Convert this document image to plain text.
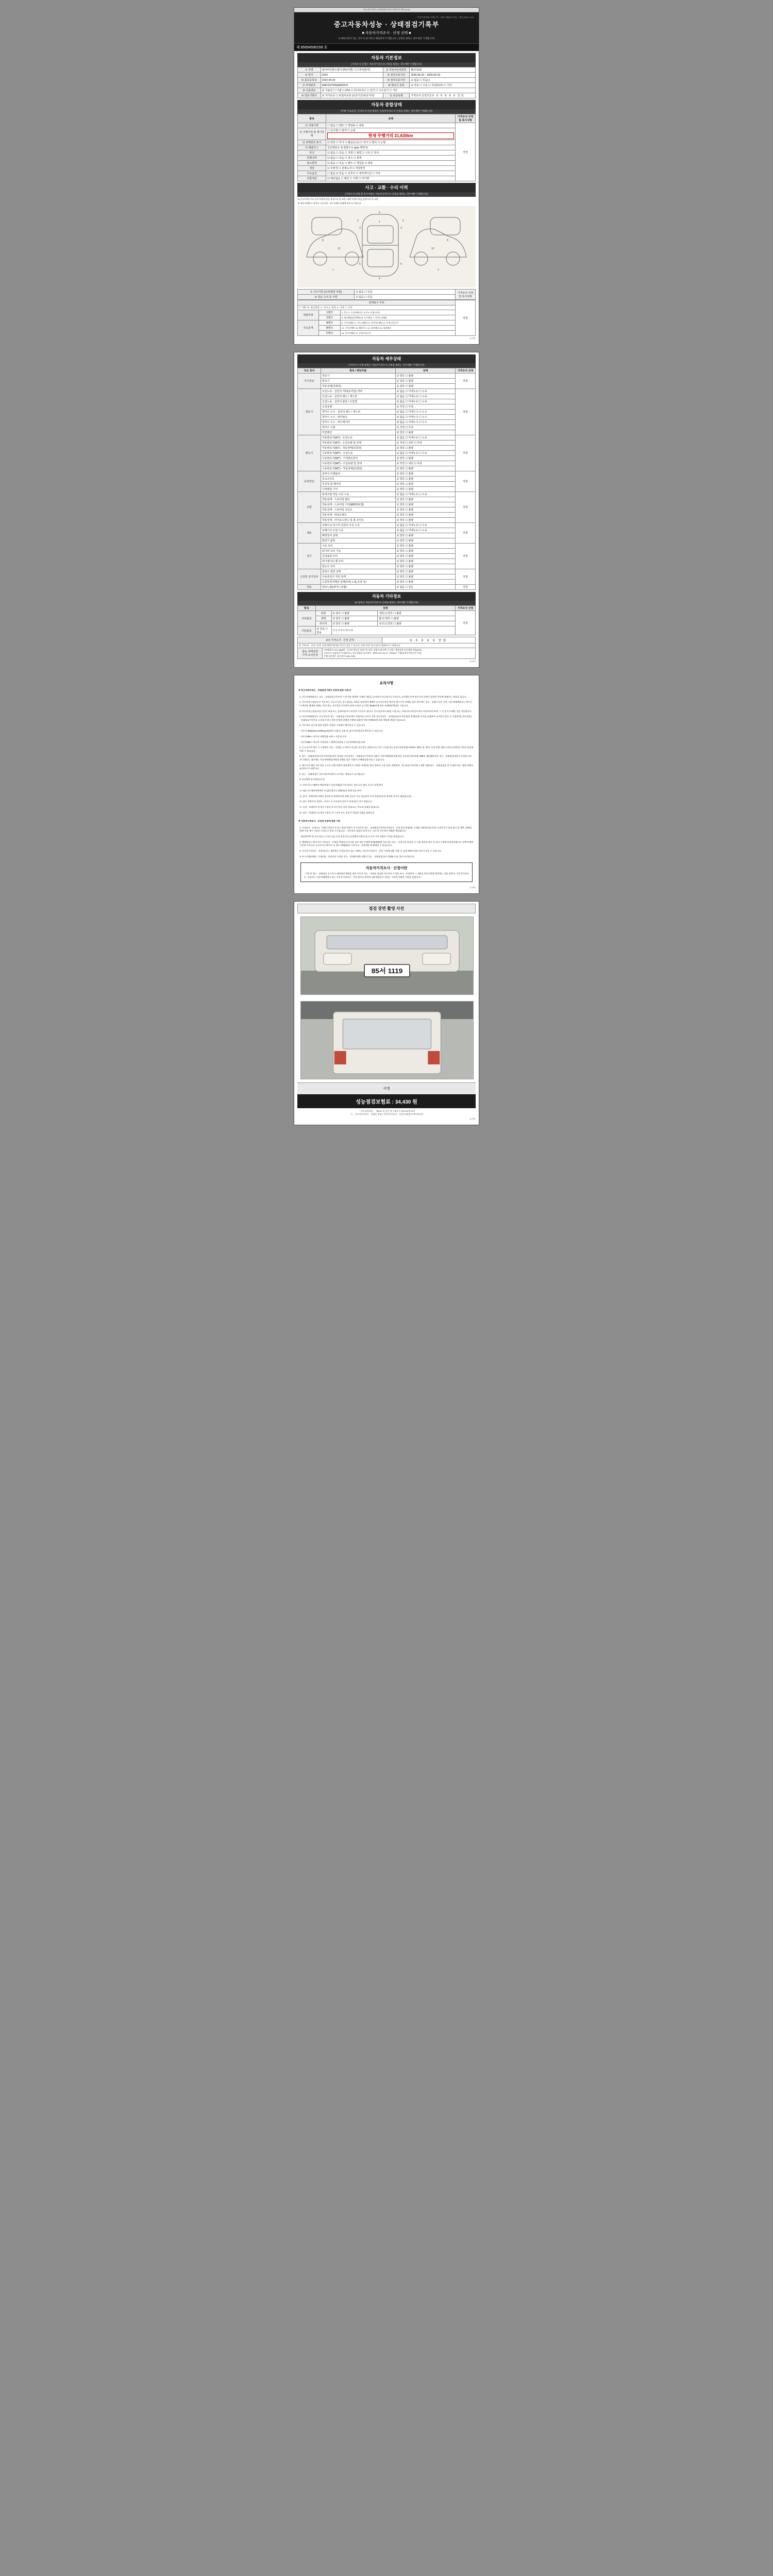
중고자동차성능·상태점검기록부 발급번호 확인 (1/3)
「자동차관리법 시행규칙」 [별지 제82호서식] 〈개정 2021.1.18.〉
중고자동차성능 · 상태점검기록부
■ 자동차가격조사 · 산정 선택 ■
※ 해당사항이 있는 경우 ☑ 표시하고 해당란에 기재합니다. (산정을 원하는 경우에만 기재합니다)
제 85004590159 호
자동차 기본정보
(가격조사·산정은 자동차가격조사·산정을 원하는 경우에만 기재합니다)
① 차명	올라비다봉도밤아 (PU더맨) 시그네치(알루)	② 자동차등록번호	85서1119
③ 연식	2010	④ 검사유효기간	2025-04-20 ~ 2026-04-19
⑤ 최초등록일	2010-04-20	⑥ 검사유효기간	☑ 없음 ☐ 있음( )
⑦ 차대번호	KMF2327KNUER2676	⑧ 변속기 종류	☑ 자동 ☐ 수동 ☐ 무단(CVT) ☐ 기타
⑨ 사용연료	☑ 가솔린 ☐ 디젤 ☐ LPG ☐ 하이브리드 ☐ 전기 ☐ 수소전기 ☐ 기타		
⑩ 원동기형식	☑ 자가보증 ☐ 보험사보증 (보증기간/보증거리)	⑪ 보증유형	가격조사·산정기준 0 0 0 0 0 0 만원
자동차 종합상태
(주행, 주요골격, 가격조사·산정 항목은 자동차가격조사·산정을 원하는 경우에만 기재합니다)
항목	상태	가격조사·산정 및 특기사항
⑫ 사용이력	☐ 없음 ☐ 렌트 ☐ 영업용 ☐ 관용	적정
⑬ 주행거리 및 계기상태	☐ 실주행 ☐ 변경 ☐ 교체
현재 주행거리 21,630km	

⑭ 차대번호 표기	☑ 양호 ☐ 부식 ☐ 훼손(오손) ☐ 상이 ☐ 변조 ☐ 도말	
⑮ 배출가스	일산화탄소 % 탄화수소 ppm 매연 %	
튜닝	☑ 없음 ☐ 있음 ☐ 적법 ☐ 불법 ☐ 구조 ☐ 장치	
특별이력	☑ 없음 ☐ 있음 ☐ 침수 ☐ 화재	
용도변경	☑ 없음 ☐ 있음 ☐ 렌트 ☐ 영업용 ☐ 관용	
색상	☑ 무변경 ☐ 전체도색 ☐ 색상변경	
주요옵션	☐ 없음 ☑ 있음 ☐ 선루프 ☐ 내비게이션 ☐ 기타	
리콜대상	☑ 해당없음 ☐ 해당 ☐ 이행 ☐ 미이행	
사고 · 교환 · 수리 이력
(가격조사·산정 및 특기사항은 자동차가격조사·산정을 원하는 경우에만 기재합니다)
※ (사고이력) 주요 골격 부위의 판금·용접수리 및 교환 / 외판 부위의 판금·용접수리 및 교환
※ 하단 상태표시 항목의 기준부위, 기타 부위의 상태에 따라 표기합니다
6
3	3
4
5	5
1
2	2
7	7
8	8
12	12
① 사고이력 (교차/광판 포함)	☑ 없음 ☐ 있음	가격조사·산정 및 특기사항
② 단순 수리 등 이력	☑ 없음 ☐ 있음	
상태표시 부호			적정
X : 교환, W : 판금/용접, C : 부식, A : 흠집, U : 요철, T : 손상			
외판부위	1랭크	1. 후드 2. 프론트펜더 3. 도어 4. 트렁크리드	
	2랭크	5. 쿼터패널(리어펜더) 6. 루프패널 7. 사이드실패널	
주요골격	A랭크	8. 프론트패널 9. 크로스멤버 10. 인사이드패널 11. 트렁크플로어	
	B랭크	12. 사이드멤버 13. 휠하우스 14. 필러패널 15. 대쉬패널	
	C랭크	16. 플로어패널 17. 트렁크플로어	
(1/4면)
자동차 세부상태
(가격조사·산정 항목은 자동차가격조사·산정을 원하는 경우에만 기재합니다)
주요 장치	항목 / 해당부품	상태	가격조사·산정
자기진단	원동기	☑ 양호 ☐ 불량	적정
	변속기	☑ 양호 ☐ 불량	
	작동상태(공회전)	☑ 양호 ☐ 불량	
원동기	오일누유 - 실린더 커버(로커암) 커버	☑ 없음 ☐ 미세누유 ☐ 누유	적정
	오일누유 - 실린더 헤드 / 개스킷	☑ 없음 ☐ 미세누유 ☐ 누유	
	오일누유 - 실린더 블록 / 오일팬	☑ 없음 ☐ 미세누유 ☐ 누유	
	오일유량	☑ 적정 ☐ 부족	
	냉각수 누수 - 실린더 헤드 / 개스킷	☑ 없음 ☐ 미세누수 ☐ 누수	
	냉각수 누수 - 워터펌프	☑ 없음 ☐ 미세누수 ☐ 누수	
	냉각수 누수 - 라디에이터	☑ 없음 ☐ 미세누수 ☐ 누수	
	냉각수 수량	☑ 적정 ☐ 부족	
	커먼레일	☑ 양호 ☐ 불량	
변속기	자동변속기(A/T) - 오일누유	☑ 없음 ☐ 미세누유 ☐ 누유	적정
	자동변속기(A/T) - 오일유량 및 상태	☑ 적정 ☐ 과다 ☐ 부족	
	자동변속기(A/T) - 작동상태(공회전)	☑ 양호 ☐ 불량	
	수동변속기(M/T) - 오일누유	☑ 없음 ☐ 미세누유 ☐ 누유	
	수동변속기(M/T) - 기어변속장치	☑ 양호 ☐ 불량	
	수동변속기(M/T) - 오일유량 및 상태	☑ 적정 ☐ 과다 ☐ 부족	
	수동변속기(M/T) - 작동상태(공회전)	☑ 양호 ☐ 불량	
동력전달	클러치 어셈블리	☑ 양호 ☐ 불량	적정
	등속조인트	☑ 양호 ☐ 불량	
	추진축 및 베어링	☑ 양호 ☐ 불량	
	디퍼렌셜 기어	☑ 양호 ☐ 불량	
조향	동력조향 작동 오일 누유	☑ 없음 ☐ 미세누유 ☐ 누유	적정
	작동상태 - 스티어링 펌프	☑ 양호 ☐ 불량	
	작동상태 - 스티어링 기어(MDPS포함)	☑ 양호 ☐ 불량	
	작동상태 - 스티어링 조인트	☑ 양호 ☐ 불량	
	작동상태 - 파워크랭크	☑ 양호 ☐ 불량	
	작동상태 - 타이로드엔드 및 볼 조인트	☑ 양호 ☐ 불량	
제동	브레이크 마스터 실린더 오일 누유	☑ 없음 ☐ 미세누유 ☐ 누유	적정
	브레이크 오일 누유	☑ 없음 ☐ 미세누유 ☐ 누유	
	배력장치 상태	☑ 양호 ☐ 불량	
	발전기 출력	☑ 양호 ☐ 불량	
전기	시동 모터	☑ 양호 ☐ 불량	적정
	와이퍼 모터 기능	☑ 양호 ☐ 불량	
	실내송풍 모터	☑ 양호 ☐ 불량	
	라디에이터 팬 모터	☑ 양호 ☐ 불량	
	윈도우 모터	☑ 양호 ☐ 불량	
고전원 전기장치	충전구 절연 상태	☑ 양호 ☐ 불량	적정
	구동축전지 격리 상태	☑ 양호 ☐ 불량	
	고전원전기배선 상태(피복,노출,손상 등)	☑ 양호 ☐ 불량	
연료	연료누출(LP가스포함)	☑ 없음 ☐ 있음	적정
자동차 기타정보
(※ 항목은 자동차가격조사·산정을 원하는 경우에만 기재합니다)
항목	상태			가격조사·산정
사외품목	외장	☑ 양호 ☐ 불량	내장 ☑ 양호 ☐ 불량	적정
	광택	☑ 양호 ☐ 불량	휠 ☑ 양호 ☐ 불량	
	타이어	☑ 양호 ☐ 불량	유리 ☑ 양호 ☐ 불량	
기본품목	☑ 있음 ☐ 없음	☐ 1 ☐ 2 ☐ 3 ☐ 4		
※③ 가격조사 · 산정 금액		0 0 0 0 0 만원
※ 가격조사 · 산정 가격은 실제 매매가에 따라 차이가 있을 수 있으며, 산정가격은 참고자료로 활용하시기 바랍니다.		

값능·상태검결
가격·조사산정

내전화번호 031-5558번 , 중고차 혁신상 보험기간 부과, 차량 도색 안쪽 수 있을 / 출장차량 일부에약 부름(PDF)
소유중인 검검하지 아니합니다 ( 성능점검을 실시하지 : 법령 2017-02-47 ~0904H7 수행(점검자가일기간 산정)
손해 검동원은 검사자의 1944-1933
(1/4면)
유의사항
※ 중고자동차성능 · 상태점검기록부 보증에 관한 사항 등

1. 자동차매매업자는 성능 · 상태점검기록부의 기재 내용 범위에 기재한 내용을 교지하지 아니하거나 거짓으로 교지했으로써 매수인의 피해가 발생한 경우에 대해서는 책임을 집니다.

2. 자동차성능점검자가 거짓 또는 오류가 있는 성능점검을 내용을 제공하여 매매된 중고자동차를 매수한 매수인이 피해를 입은 경우에는 성능 · 상태가 다른 경우, 자동차매매업자는 매수인이 계약을 해제할 때에는 하자 있는 자동차를 인도받아 관련 수리비 등 민법 제536조에 따라 손해배상책임을 가집니다.

3. 자동차성능상태 보증기간은 보험 또는 공제사업자가 보증한 기간으로 합니다. 인도일로부터 30일 이상 또는 주행거리 2천킬로미터 이상이어야 하며, 그 중 먼저 도래한 것을 적용합니다.

4. 자동차매매업자는 중고자동차 성능 · 상태점검기록부에서 허위사실 고지로 인한 자동차성능 · 상태점검자의 보증범위 외에(교환 고지를 포함하여 교지하지 않은 것 포함하여) 자동차성능 · 상태점검기록부를 고지하지 않고 매수인에게 발생한 손해에 대하여 민법 제750조에 따라 배상할 책임이 있습니다.

5. 자동차의 성능에 대한 내용은 아래의 기관에서 확인하실 수 있습니다.

- 자동차 365(www.car365.go.kr)에서 내용을 조회 및 검사이력 확인을 확인할 수 있습니다.

- 자동차365 > 자동차 내역종합 조회 > 자동차 등록

- 자동차365 > 자동차 이력정보 > 매매이력정보 > 자동차매매사업 조회

2. 중고자동차 매수 시 시세표준 성능 · 상태를 고지하지 아니한 자동차를 경유하거나 인도 고지한 하는 [자동차관리법] 제 80조 제6호 및 제7호 등의 처벌 대상이 되며 1천만원 이하의 벌금에 처할 수 있습니다.

3. 성능 · 상태점검자(자동차정비업자)가 작성한 자동차성능 · 상태점검기록부의 내용이 자동차매매업자에 발급 중 [자동차관리법 제58조 제1항]에 따른 성능 · 상태점검내용이 사실과 다르게 기재되는 경우에는 자동차매매업자에게 피해를 입은 사람이 손해배상청구할 수 있습니다.

4. 매수인이 해당 자동차를 시고로 인해 차량의 결함 확인이 어려운 부분(예: 엔진 내부의 고장 등)은 제외하며, 성능점검기록부에 기재한 내용(성능 · 상태점검을 한 사실)만 하는 범위 내에서 유의하시기 바랍니다.

5. 성능 · 상태점검은 국토교통부장관이 고시하는 방법으로 실시합니다.

6. 보증범위 표시(점검자시)

가. 리어크로스멤버의 해당부품이 상실상태(일시적 외의는 정도로서 배를 도로로 진행 확인

나. 좌(노수) 해당부위에서 오일(작업이나 윤활유)의 물체 등을 보여

다. 부식 : 차량부에 차량의 검사분석 화학반응에 의해 금속이 지속 상실되어 기타 현상(단순히 착색된 부식은 제외합니다)

라. 값수 차량가의 일정도, 파이프 등 주요장치 일부가 물에 잠긴 것이 말합니다

마. 도말 : 차대번호 및 원동기형식 표기의 부식 미일 상태 또는 미도색 상태를 말합니다

바. 상이 : 차대번호 및 원동기형식 표기 전부 또는 일부가 변경된 상태를 말합니다

※ 자동차가격조사 · 산정의 보증에 관한 사항

1. 가격조사 · 산정자는 이에의 성질기가 있는 범위 내에서 중고자동차 성능 · 상태점검기록부(가격조사 · 산정 보증 한정)에, 기재된 내용에 따라 표준 고객지가의 결과 제시 및 제반, 판매업면에 지정 제시 이외의 가격으로 변경 가능합니다. : 자동차의 입원의 보증기간 : 1년 및 자동차의 정확한 책임합니다

- 제공하여야 할 조사 (성능기기의 모임 이실 보증가능) 산정확인가방식 및 중고차 기반 상황의 가격을 책정합니다

2. 매매업자는 매수인이 가격조사 · 산정을 의뢰하지 아니한 경우 매수인에게 판매(매매)한 자동차는 성능 · 산정가격 결과를 이 시에 제공할 만은 유 보다 시세분석에 하실방지가 갖추어야(만시간에 사전고료 고지자이나 확인도 미 경우 매매(합)의 가격으로 : 산정계약 제 해제할 수 있습니다.)

3. 자동차가격조사 · 산정자(이는 제한정의 가격조사)가 있는 때에는 자동차가격조사 · 산정 가격에 대한 내용 중 실제 매매가격과 차이가 있을 수 있습니다.

4. 특기사항(란에는 기재사항 : 산정자의 가격의 상능 · 상태에 대한 견해가 성능 · 상태점검자의 견해와 다를 경우 표시합니다.

자동차가격조사 · 산정이란
「자동차 성능 · 상태점검 실시자가 매매계약 체결을 위한 자동차 성능 · 상태를 점검한 자동차의 가격을 조사 · 산정하여 그 내용을 매수인에게 제공하는 것을 말하며, 자동차가격조사 · 산정자는 자동차매매업자 또는 자동차가격조사 · 산정 업무를 위하여 대통령령으로 정하는 기준에 적합한 사람을 말합니다.」
(1/4면)
점검 장면 촬영 사진
85서 1119
서명
성능점검보험료 : 34,430 원
「 자동차관리법 」 제58조 및 같은 법 시행규칙 제120조에 따라
「1 」중고자동차성능 · 상태를 점검 [ 자동차가격조사 · 산정 ] 하였음을 확인합니다.
(1/4면)
